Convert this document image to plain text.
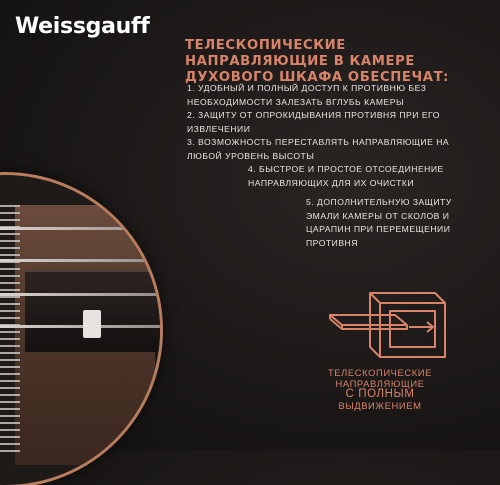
Weissgauff
ТЕЛЕСКОПИЧЕСКИЕ НАПРАВЛЯЮЩИЕ В КАМЕРЕ ДУХОВОГО ШКАФА ОБЕСПЕЧАТ:
1. УДОБНЫЙ И ПОЛНЫЙ ДОСТУП К ПРОТИВНЮ БЕЗ НЕОБХОДИМОСТИ ЗАЛЕЗАТЬ ВГЛУБЬ КАМЕРЫ
2. ЗАЩИТУ ОТ ОПРОКИДЫВАНИЯ ПРОТИВНЯ ПРИ ЕГО ИЗВЛЕЧЕНИИ
3. ВОЗМОЖНОСТЬ ПЕРЕСТАВЛЯТЬ НАПРАВЛЯЮЩИЕ НА ЛЮБОЙ УРОВЕНЬ ВЫСОТЫ
4. БЫСТРОЕ И ПРОСТОЕ ОТСОЕДИНЕНИЕ НАПРАВЛЯЮЩИХ ДЛЯ ИХ ОЧИСТКИ
5. ДОПОЛНИТЕЛЬНУЮ ЗАЩИТУ ЭМАЛИ КАМЕРЫ ОТ СКОЛОВ И ЦАРАПИН ПРИ ПЕРЕМЕЩЕНИИ ПРОТИВНЯ
ТЕЛЕСКОПИЧЕСКИЕ
НАПРАВЛЯЮЩИЕ
С ПОЛНЫМ
ВЫДВИЖЕНИЕМ
